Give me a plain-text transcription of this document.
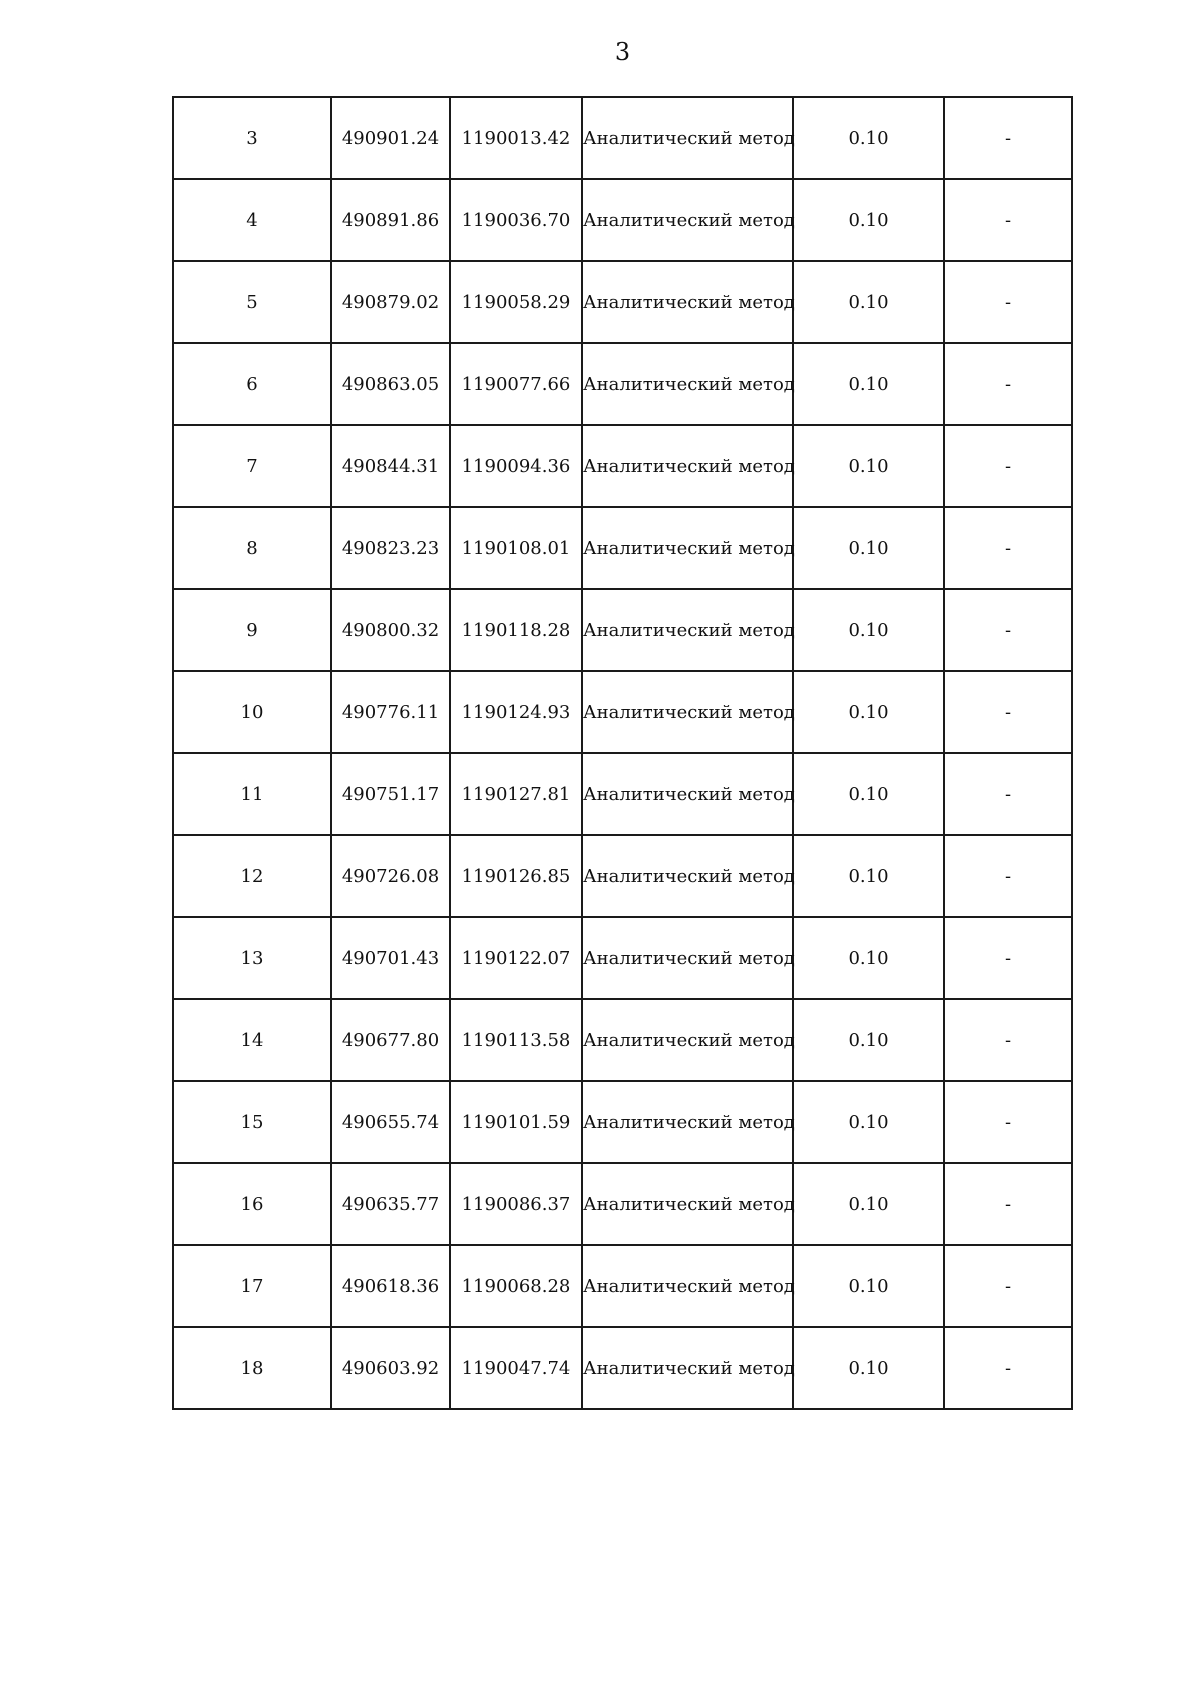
3
3	490901.24	1190013.42	Аналитический метод	0.10	-
4	490891.86	1190036.70	Аналитический метод	0.10	-
5	490879.02	1190058.29	Аналитический метод	0.10	-
6	490863.05	1190077.66	Аналитический метод	0.10	-
7	490844.31	1190094.36	Аналитический метод	0.10	-
8	490823.23	1190108.01	Аналитический метод	0.10	-
9	490800.32	1190118.28	Аналитический метод	0.10	-
10	490776.11	1190124.93	Аналитический метод	0.10	-
11	490751.17	1190127.81	Аналитический метод	0.10	-
12	490726.08	1190126.85	Аналитический метод	0.10	-
13	490701.43	1190122.07	Аналитический метод	0.10	-
14	490677.80	1190113.58	Аналитический метод	0.10	-
15	490655.74	1190101.59	Аналитический метод	0.10	-
16	490635.77	1190086.37	Аналитический метод	0.10	-
17	490618.36	1190068.28	Аналитический метод	0.10	-
18	490603.92	1190047.74	Аналитический метод	0.10	-
